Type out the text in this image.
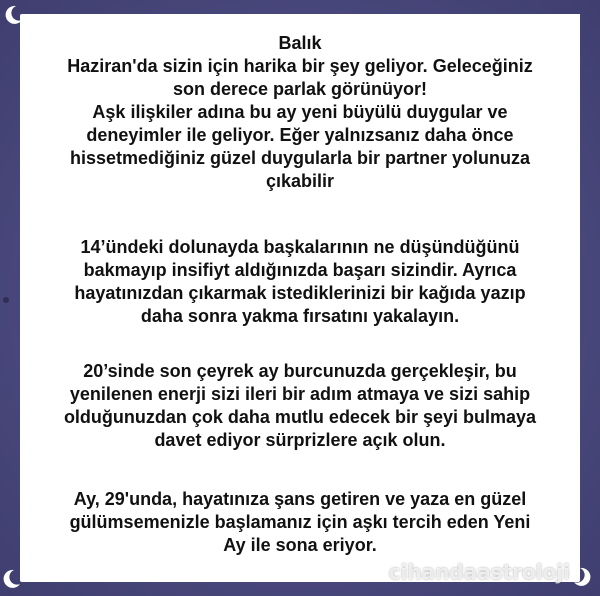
Balık
Haziran'da sizin için harika bir şey geliyor. Geleceğiniz
son derece parlak görünüyor!
Aşk ilişkiler adına bu ay yeni büyülü duygular ve
deneyimler ile geliyor. Eğer yalnızsanız daha önce
hissetmediğiniz güzel duygularla bir partner yolunuza
çıkabilir
14’ündeki dolunayda başkalarının ne düşündüğünü
bakmayıp insifiyt aldığınızda başarı sizindir. Ayrıca
hayatınızdan çıkarmak istediklerinizi bir kağıda yazıp
daha sonra yakma fırsatını yakalayın.
20’sinde son çeyrek ay burcunuzda gerçekleşir, bu
yenilenen enerji sizi ileri bir adım atmaya ve sizi sahip
olduğunuzdan çok daha mutlu edecek bir şeyi bulmaya
davet ediyor sürprizlere açık olun.
Ay, 29'unda, hayatınıza şans getiren ve yaza en güzel
gülümsemenizle başlamanız için aşkı tercih eden Yeni
Ay ile sona eriyor.
cihandaastroloji
